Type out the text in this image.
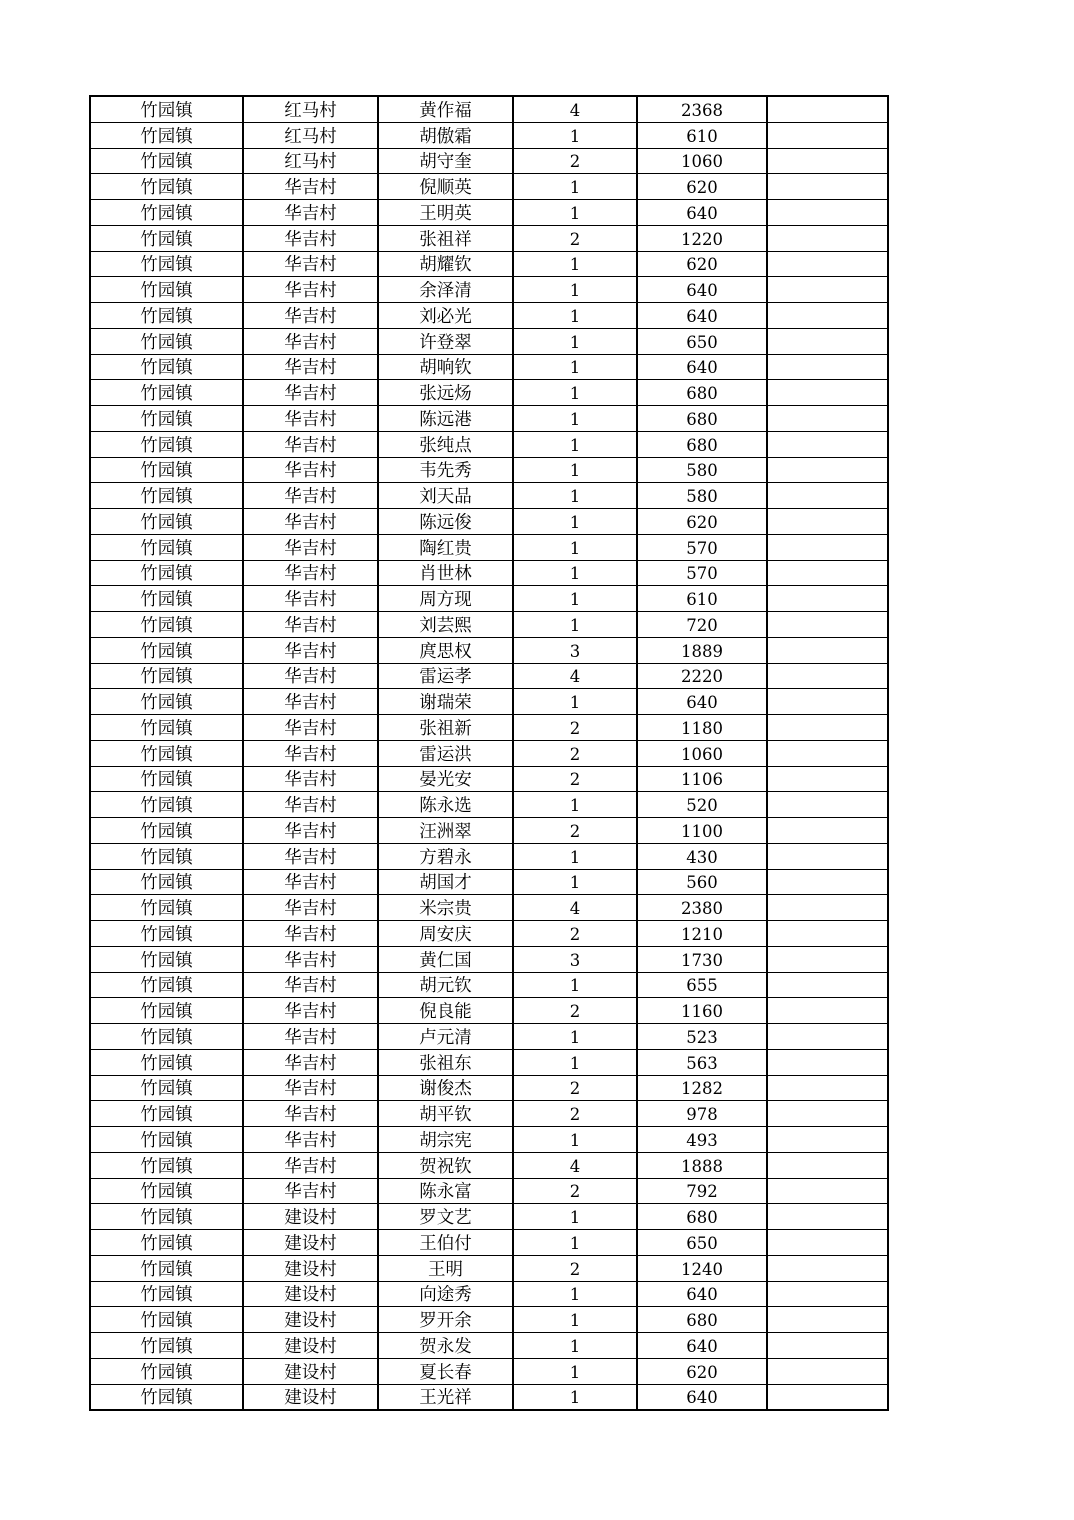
竹园镇	红马村	黄作福	4	2368	
竹园镇	红马村	胡傲霜	1	610	
竹园镇	红马村	胡守奎	2	1060	
竹园镇	华吉村	倪顺英	1	620	
竹园镇	华吉村	王明英	1	640	
竹园镇	华吉村	张祖祥	2	1220	
竹园镇	华吉村	胡耀钦	1	620	
竹园镇	华吉村	余泽清	1	640	
竹园镇	华吉村	刘必光	1	640	
竹园镇	华吉村	许登翠	1	650	
竹园镇	华吉村	胡响钦	1	640	
竹园镇	华吉村	张远炀	1	680	
竹园镇	华吉村	陈远港	1	680	
竹园镇	华吉村	张纯点	1	680	
竹园镇	华吉村	韦先秀	1	580	
竹园镇	华吉村	刘天品	1	580	
竹园镇	华吉村	陈远俊	1	620	
竹园镇	华吉村	陶红贵	1	570	
竹园镇	华吉村	肖世林	1	570	
竹园镇	华吉村	周方现	1	610	
竹园镇	华吉村	刘芸熙	1	720	
竹园镇	华吉村	庹思权	3	1889	
竹园镇	华吉村	雷运孝	4	2220	
竹园镇	华吉村	谢瑞荣	1	640	
竹园镇	华吉村	张祖新	2	1180	
竹园镇	华吉村	雷运洪	2	1060	
竹园镇	华吉村	晏光安	2	1106	
竹园镇	华吉村	陈永选	1	520	
竹园镇	华吉村	汪洲翠	2	1100	
竹园镇	华吉村	方碧永	1	430	
竹园镇	华吉村	胡国才	1	560	
竹园镇	华吉村	米宗贵	4	2380	
竹园镇	华吉村	周安庆	2	1210	
竹园镇	华吉村	黄仁国	3	1730	
竹园镇	华吉村	胡元钦	1	655	
竹园镇	华吉村	倪良能	2	1160	
竹园镇	华吉村	卢元清	1	523	
竹园镇	华吉村	张祖东	1	563	
竹园镇	华吉村	谢俊杰	2	1282	
竹园镇	华吉村	胡平钦	2	978	
竹园镇	华吉村	胡宗宪	1	493	
竹园镇	华吉村	贺祝钦	4	1888	
竹园镇	华吉村	陈永富	2	792	
竹园镇	建设村	罗文艺	1	680	
竹园镇	建设村	王伯付	1	650	
竹园镇	建设村	王明	2	1240	
竹园镇	建设村	向途秀	1	640	
竹园镇	建设村	罗开余	1	680	
竹园镇	建设村	贺永发	1	640	
竹园镇	建设村	夏长春	1	620	
竹园镇	建设村	王光祥	1	640	
